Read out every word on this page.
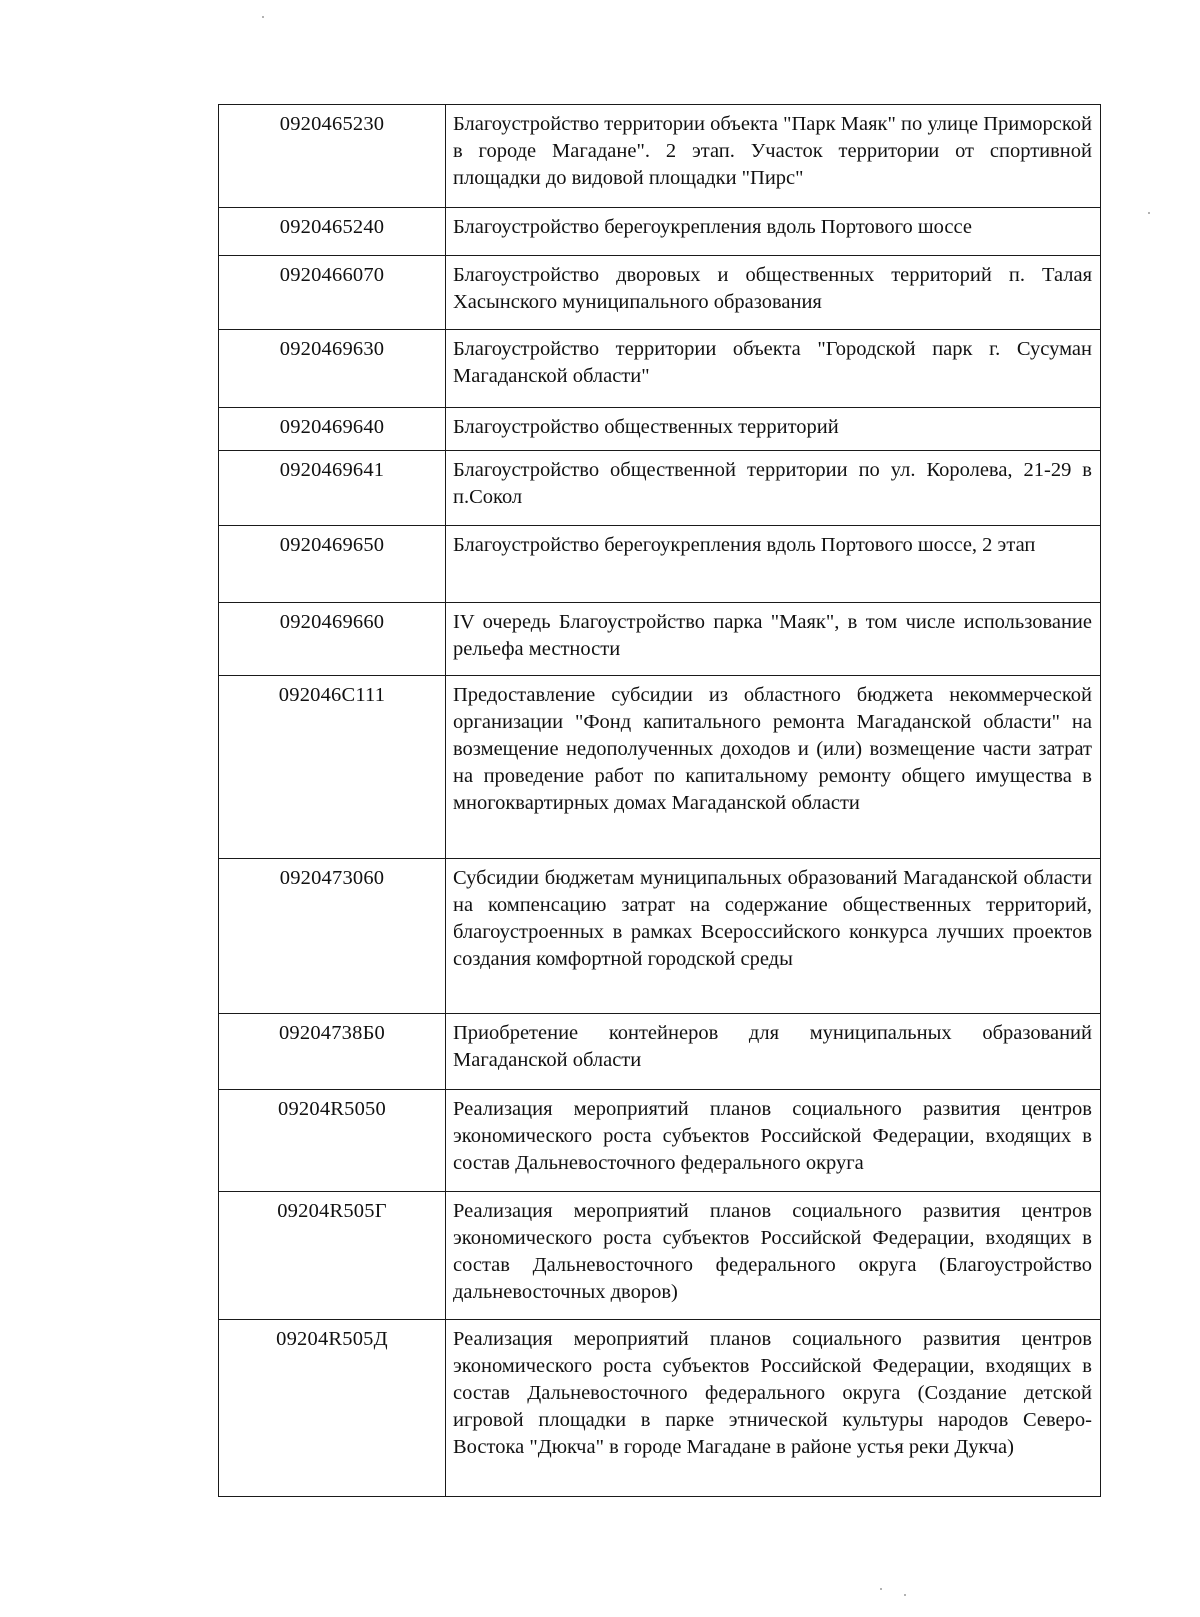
0920465230	Благоустройство территории объекта "Парк Маяк" по улице Приморской в городе Магадане". 2 этап. Участок территории от спортивной площадки до видовой площадки "Пирс"
0920465240	Благоустройство берегоукрепления вдоль Портового шоссе
0920466070	Благоустройство дворовых и общественных территорий п. Талая Хасынского муниципального образования
0920469630	Благоустройство территории объекта "Городской парк г. Сусуман Магаданской области"
0920469640	Благоустройство общественных территорий
0920469641	Благоустройство общественной территории по ул. Королева, 21-29 в п.Сокол
0920469650	Благоустройство берегоукрепления вдоль Портового шоссе, 2 этап
0920469660	IV очередь Благоустройство парка "Маяк", в том числе использование рельефа местности
092046С111	Предоставление субсидии из областного бюджета некоммерческой организации "Фонд капитального ремонта Магаданской области" на возмещение недополученных доходов и (или) возмещение части затрат на проведение работ по капитальному ремонту общего имущества в многоквартирных домах Магаданской области
0920473060	Субсидии бюджетам муниципальных образований Магаданской области на компенсацию затрат на содержание общественных территорий, благоустроенных в рамках Всероссийского конкурса лучших проектов создания комфортной городской среды
09204738Б0	Приобретение контейнеров для муниципальных образований Магаданской области
09204R5050	Реализация мероприятий планов социального развития центров экономического роста субъектов Российской Федерации, входящих в состав Дальневосточного федерального округа
09204R505Г	Реализация мероприятий планов социального развития центров экономического роста субъектов Российской Федерации, входящих в состав Дальневосточного федерального округа (Благоустройство дальневосточных дворов)
09204R505Д	Реализация мероприятий планов социального развития центров экономического роста субъектов Российской Федерации, входящих в состав Дальневосточного федерального округа (Создание детской игровой площадки в парке этнической культуры народов Северо-Востока "Дюкча" в городе Магадане в районе устья реки Дукча)
